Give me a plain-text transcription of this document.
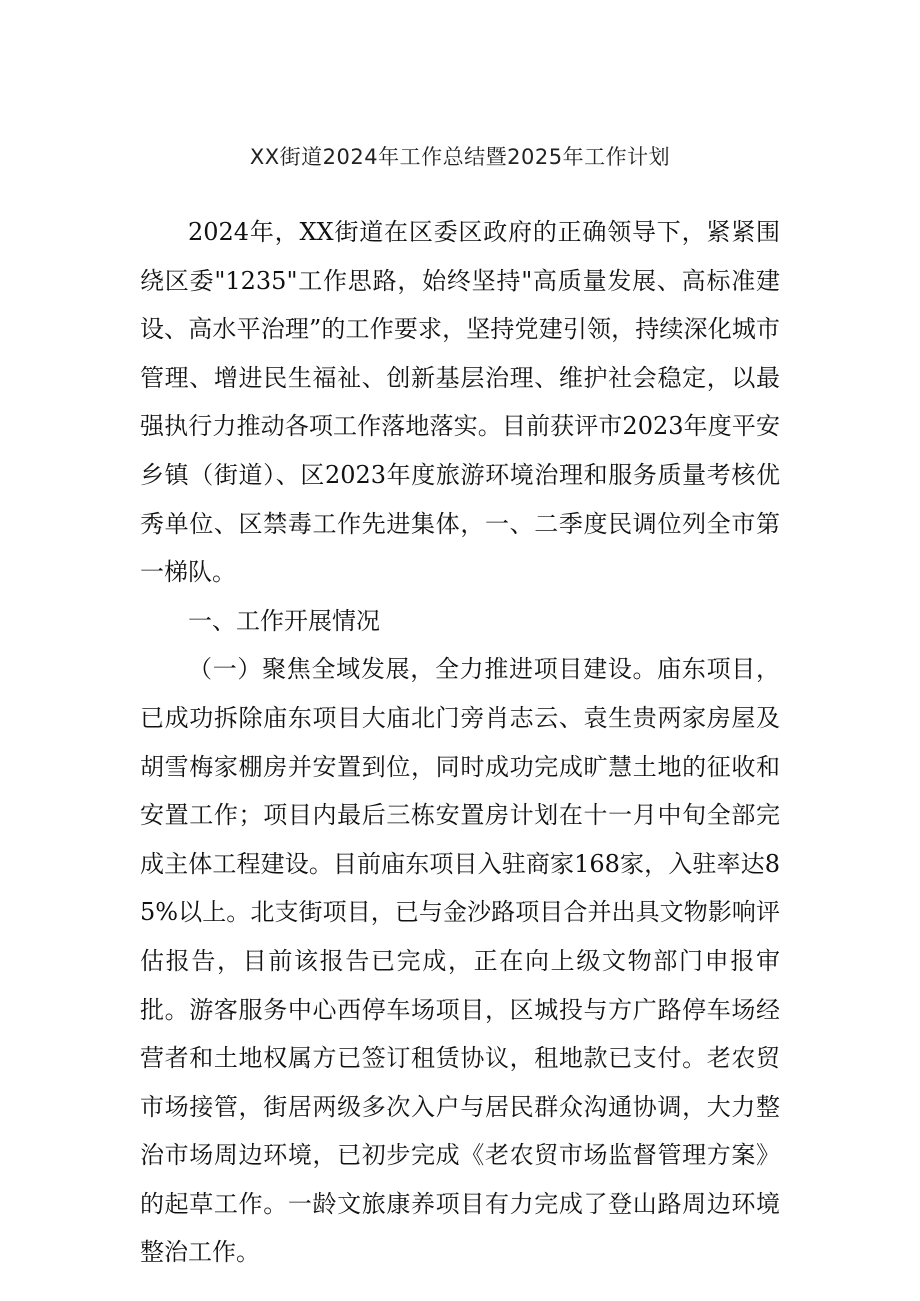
XX街道2024年工作总结暨2025年工作计划

2024年，XX街道在区委区政府的正确领导下，紧紧围绕区委"1235"工作思路，始终坚持"高质量发展、高标准建设、高水平治理”的工作要求，坚持党建引领，持续深化城市管理、增进民生福祉、创新基层治理、维护社会稳定，以最强执行力推动各项工作落地落实。目前获评市2023年度平安乡镇（街道）、区2023年度旅游环境治理和服务质量考核优秀单位、区禁毒工作先进集体，一、二季度民调位列全市第一梯队。

一、工作开展情况

（一）聚焦全域发展，全力推进项目建设。庙东项目，已成功拆除庙东项目大庙北门旁肖志云、袁生贵两家房屋及胡雪梅家棚房并安置到位，同时成功完成旷慧土地的征收和安置工作；项目内最后三栋安置房计划在十一月中旬全部完成主体工程建设。目前庙东项目入驻商家168家，入驻率达85%以上。北支街项目，已与金沙路项目合并出具文物影响评估报告，目前该报告已完成，正在向上级文物部门申报审批。游客服务中心西停车场项目，区城投与方广路停车场经营者和土地权属方已签订租赁协议，租地款已支付。老农贸市场接管，街居两级多次入户与居民群众沟通协调，大力整治市场周边环境，已初步完成《老农贸市场监督管理方案》的起草工作。一龄文旅康养项目有力完成了登山路周边环境整治工作。
